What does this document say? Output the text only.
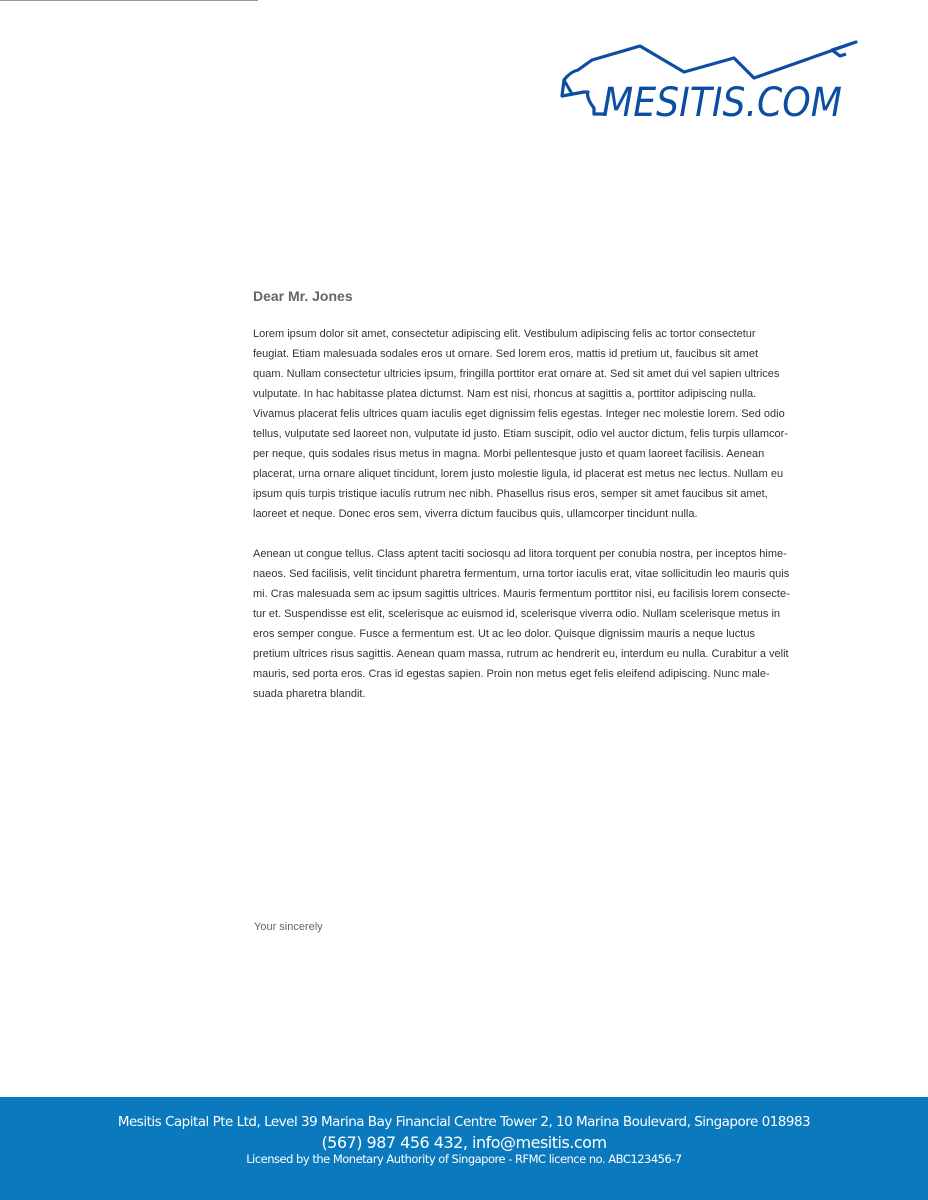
MESITIS.COM
Dear Mr. Jones
Lorem ipsum dolor sit amet, consectetur adipiscing elit. Vestibulum adipiscing felis ac tortor consectetur
feugiat. Etiam malesuada sodales eros ut ornare. Sed lorem eros, mattis id pretium ut, faucibus sit amet
quam. Nullam consectetur ultricies ipsum, fringilla porttitor erat ornare at. Sed sit amet dui vel sapien ultrices
vulputate. In hac habitasse platea dictumst. Nam est nisi, rhoncus at sagittis a, porttitor adipiscing nulla.
Vivamus placerat felis ultrices quam iaculis eget dignissim felis egestas. Integer nec molestie lorem. Sed odio
tellus, vulputate sed laoreet non, vulputate id justo. Etiam suscipit, odio vel auctor dictum, felis turpis ullamcor-
per neque, quis sodales risus metus in magna. Morbi pellentesque justo et quam laoreet facilisis. Aenean
placerat, urna ornare aliquet tincidunt, lorem justo molestie ligula, id placerat est metus nec lectus. Nullam eu
ipsum quis turpis tristique iaculis rutrum nec nibh. Phasellus risus eros, semper sit amet faucibus sit amet,
laoreet et neque. Donec eros sem, viverra dictum faucibus quis, ullamcorper tincidunt nulla.
Aenean ut congue tellus. Class aptent taciti sociosqu ad litora torquent per conubia nostra, per inceptos hime-
naeos. Sed facilisis, velit tincidunt pharetra fermentum, urna tortor iaculis erat, vitae sollicitudin leo mauris quis
mi. Cras malesuada sem ac ipsum sagittis ultrices. Mauris fermentum porttitor nisi, eu facilisis lorem consecte-
tur et. Suspendisse est elit, scelerisque ac euismod id, scelerisque viverra odio. Nullam scelerisque metus in
eros semper congue. Fusce a fermentum est. Ut ac leo dolor. Quisque dignissim mauris a neque luctus
pretium ultrices risus sagittis. Aenean quam massa, rutrum ac hendrerit eu, interdum eu nulla. Curabitur a velit
mauris, sed porta eros. Cras id egestas sapien. Proin non metus eget felis eleifend adipiscing. Nunc male-
suada pharetra blandit.
Your sincerely
Mesitis Capital Pte Ltd, Level 39 Marina Bay Financial Centre Tower 2, 10 Marina Boulevard, Singapore 018983
(567) 987 456 432, info@mesitis.com
Licensed by the Monetary Authority of Singapore - RFMC licence no. ABC123456-7
